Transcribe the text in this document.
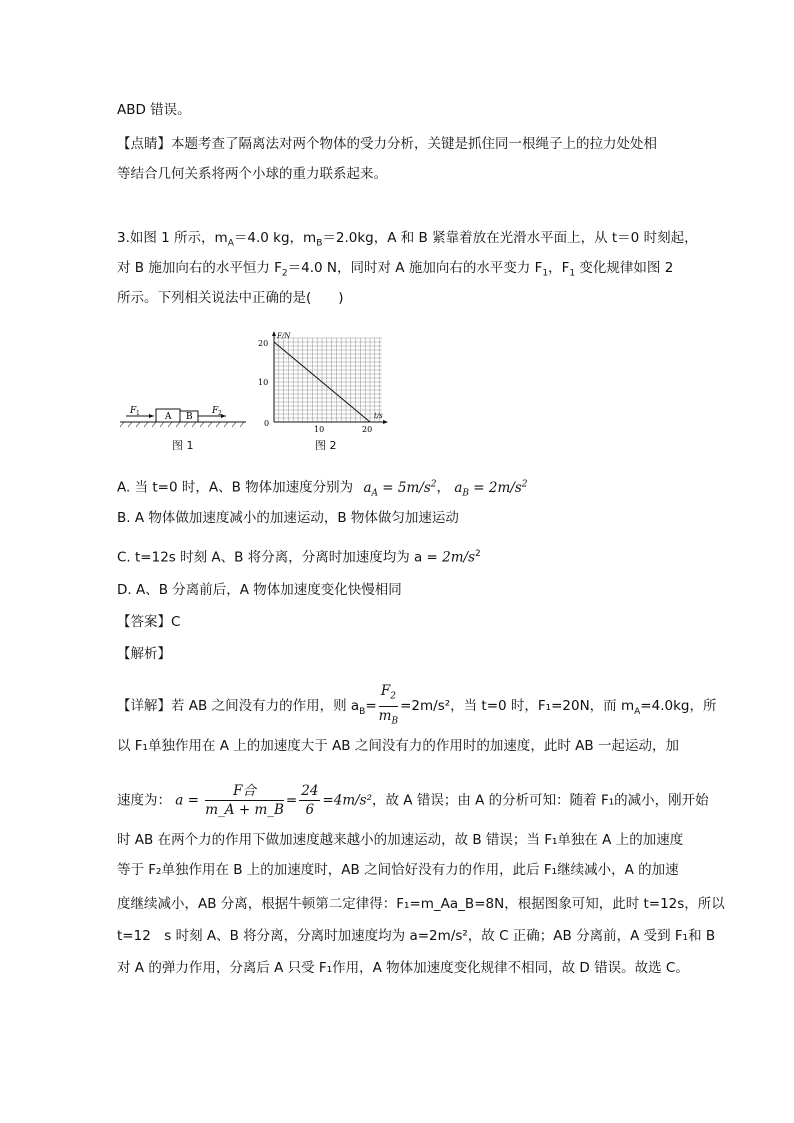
ABD 错误。
【点睛】本题考查了隔离法对两个物体的受力分析，关键是抓住同一根绳子上的拉力处处相
等结合几何关系将两个小球的重力联系起来。
3.如图 1 所示，$m_A=4.0$ kg，$m_B=2.0kg$，A 和 B 紧靠着放在光滑水平面上，从 t＝0 时刻起，
对 B 施加向右的水平恒力 $F_2=4.0$ N，同时对 A 施加向右的水平变力 $F_1$，$F_1$ 变化规律如图 2
所示。下列相关说法中正确的是(　　)
F 1	A B
F 2
图 1
F/N
t/s
20
10
0
10	20
图 2
A. 当 t=0 时，A、B 物体加速度分别为 $a_A = 5m/s^2$， $a_B = 2m/s^2$
B. A 物体做加速度减小的加速运动，B 物体做匀加速运动
C. t=12s 时刻 A、B 将分离，分离时加速度均为 $a = 2m/s^2$
D. A、B 分离前后，A 物体加速度变化快慢相同
【答案】C
【解析】
【详解】若 AB 之间没有力的作用，则 $a_B= \frac{F_2}{m_B} =2m/s^2$，当 t=0 时，F₁=20N，而 $m_A=4.0kg$，所
以 F₁单独作用在 A 上的加速度大于 AB 之间没有力的作用时的加速度，此时 AB 一起运动，加
速度为： $a = \frac{\text{F合}}{m\_A + m\_B} = \frac{24}{6} =4m/s^2$，故 A 错误；由 A 的分析可知：随着 F₁的减小，刚开始
时 AB 在两个力的作用下做加速度越来越小的加速运动，故 B 错误；当 F₁单独在 A 上的加速度
等于 F₂单独作用在 B 上的加速度时，AB 之间恰好没有力的作用，此后 F₁继续减小，A 的加速
度继续减小，AB 分离，根据牛顿第二定律得：F₁=m_Aa_B=8N，根据图象可知，此时 t=12s，所以
t=12　s 时刻 A、B 将分离，分离时加速度均为 a=2m/s²，故 C 正确；AB 分离前，A 受到 F₁和 B
对 A 的弹力作用，分离后 A 只受 F₁作用，A 物体加速度变化规律不相同，故 D 错误。故选 C。
